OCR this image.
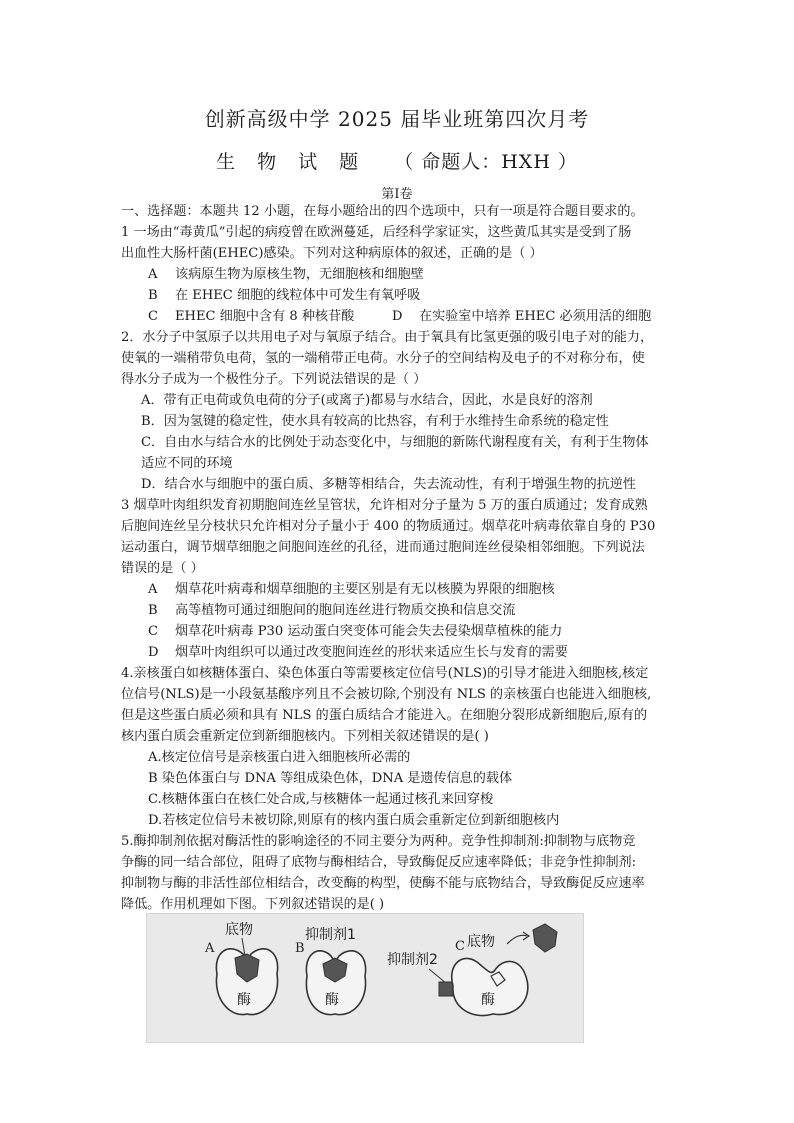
创新高级中学 2025 届毕业班第四次月考
生 物 试 题 （ 命题人：HXH ）
第Ⅰ卷
一、选择题：本题共 12 小题，在每小题给出的四个选项中，只有一项是符合题目要求的。
1 一场由“毒黄瓜”引起的病疫曾在欧洲蔓延，后经科学家证实，这些黄瓜其实是受到了肠
出血性大肠杆菌(EHEC)感染。下列对这种病原体的叙述，正确的是（ ）
A 该病原生物为原核生物，无细胞核和细胞壁
B 在 EHEC 细胞的线粒体中可发生有氧呼吸
C EHEC 细胞中含有 8 种核苷酸	D 在实验室中培养 EHEC 必须用活的细胞
2．水分子中氢原子以共用电子对与氧原子结合。由于氧具有比氢更强的吸引电子对的能力，
使氧的一端稍带负电荷，氢的一端稍带正电荷。水分子的空间结构及电子的不对称分布，使
得水分子成为一个极性分子。下列说法错误的是（ ）
A．带有正电荷或负电荷的分子(或离子)都易与水结合，因此，水是良好的溶剂
B．因为氢键的稳定性，使水具有较高的比热容，有利于水维持生命系统的稳定性
C．自由水与结合水的比例处于动态变化中，与细胞的新陈代谢程度有关，有利于生物体
适应不同的环境
D．结合水与细胞中的蛋白质、多糖等相结合，失去流动性，有利于增强生物的抗逆性
3 烟草叶肉组织发育初期胞间连丝呈管状，允许相对分子量为 5 万的蛋白质通过；发育成熟
后胞间连丝呈分枝状只允许相对分子量小于 400 的物质通过。烟草花叶病毒依靠自身的 P30
运动蛋白，调节烟草细胞之间胞间连丝的孔径，进而通过胞间连丝侵染相邻细胞。下列说法
错误的是（ ）
A 烟草花叶病毒和烟草细胞的主要区别是有无以核膜为界限的细胞核
B 高等植物可通过细胞间的胞间连丝进行物质交换和信息交流
C 烟草花叶病毒 P30 运动蛋白突变体可能会失去侵染烟草植株的能力
D 烟草叶肉组织可以通过改变胞间连丝的形状来适应生长与发育的需要
4.亲核蛋白如核糖体蛋白、染色体蛋白等需要核定位信号(NLS)的引导才能进入细胞核,核定
位信号(NLS)是一小段氨基酸序列且不会被切除,个别没有 NLS 的亲核蛋白也能进入细胞核,
但是这些蛋白质必须和具有 NLS 的蛋白质结合才能进入。在细胞分裂形成新细胞后,原有的
核内蛋白质会重新定位到新细胞核内。下列相关叙述错误的是( )
A.核定位信号是亲核蛋白进入细胞核所必需的
B 染色体蛋白与 DNA 等组成染色体，DNA 是遗传信息的载体
C.核糖体蛋白在核仁处合成,与核糖体一起通过核孔来回穿梭
D.若核定位信号未被切除,则原有的核内蛋白质会重新定位到新细胞核内
5.酶抑制剂依据对酶活性的影响途径的不同主要分为两种。竞争性抑制剂:抑制物与底物竞
争酶的同一结合部位，阻碍了底物与酶相结合，导致酶促反应速率降低；非竞争性抑制剂:
抑制物与酶的非活性部位相结合，改变酶的构型，使酶不能与底物结合，导致酶促反应速率
降低。作用机理如下图。下列叙述错误的是( )
A
底物
酶
B
抑制剂1
酶
抑制剂2
C 底物
酶
